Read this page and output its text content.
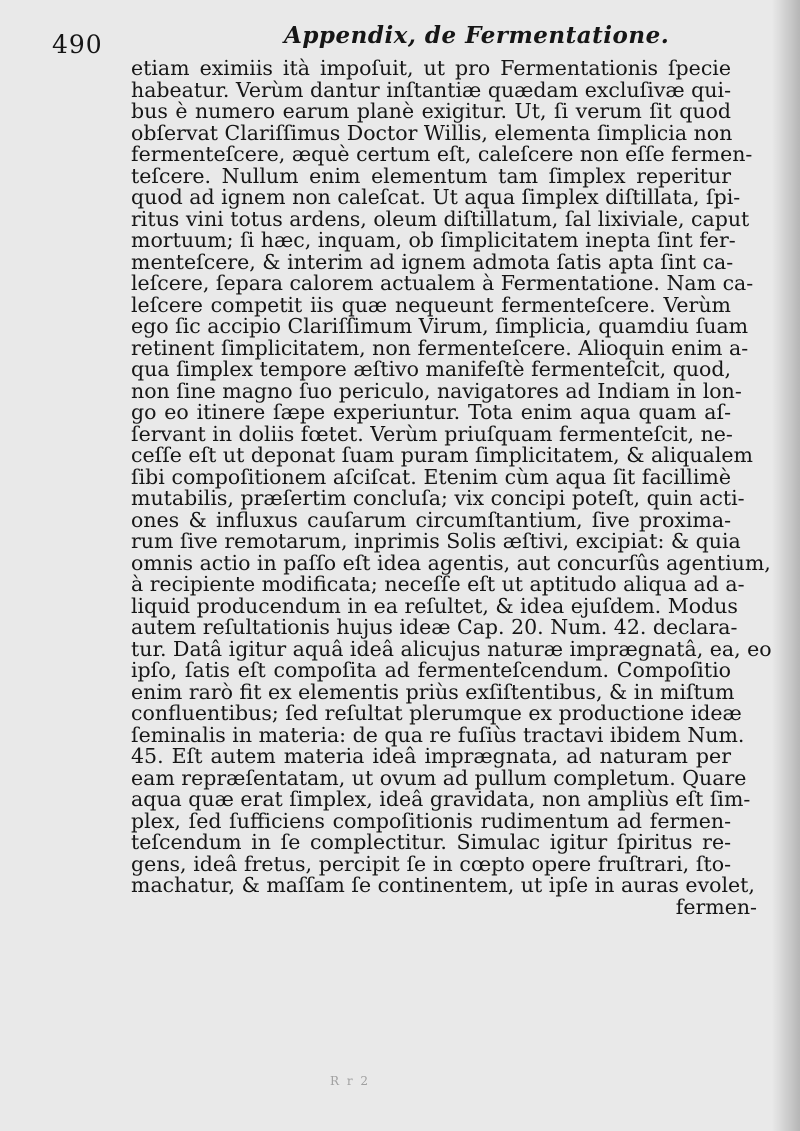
490	Appendix, de Fermentatione.
etiam eximiis ità impoſuit, ut pro Fermentationis ſpecie
habeatur. Verùm dantur inſtantiæ quædam excluſivæ qui-
bus è numero earum planè exigitur. Ut, ſi verum ſit quod
obſervat Clariſſimus Doctor Willis, elementa ſimplicia non
fermenteſcere, æquè certum eſt, caleſcere non eſſe fermen-
teſcere. Nullum enim elementum tam ſimplex reperitur
quod ad ignem non caleſcat. Ut aqua ſimplex diſtillata, ſpi-
ritus vini totus ardens, oleum diſtillatum, ſal lixiviale, caput
mortuum; ſi hæc, inquam, ob ſimplicitatem inepta ſint fer-
menteſcere, & interim ad ignem admota ſatis apta ſint ca-
leſcere, ſepara calorem actualem à Fermentatione. Nam ca-
leſcere competit iis quæ nequeunt fermenteſcere. Verùm
ego ſic accipio Clariſſimum Virum, ſimplicia, quamdiu ſuam
retinent ſimplicitatem, non fermenteſcere. Alioquin enim a-
qua ſimplex tempore æſtivo manifeſtè fermenteſcit, quod,
non ſine magno ſuo periculo, navigatores ad Indiam in lon-
go eo itinere ſæpe experiuntur. Tota enim aqua quam aſ-
ſervant in doliis fœtet. Verùm priuſquam fermenteſcit, ne-
ceſſe eſt ut deponat ſuam puram ſimplicitatem, & aliqualem
ſibi compoſitionem aſciſcat. Etenim cùm aqua ſit facillimè
mutabilis, præſertim concluſa; vix concipi poteſt, quin acti-
ones & influxus cauſarum circumſtantium, ſive proxima-
rum ſive remotarum, inprimis Solis æſtivi, excipiat: & quia
omnis actio in paſſo eſt idea agentis, aut concurſûs agentium,
à recipiente modificata; neceſſe eſt ut aptitudo aliqua ad a-
liquid producendum in ea reſultet, & idea ejuſdem. Modus
autem reſultationis hujus ideæ Cap. 20. Num. 42. declara-
tur. Datâ igitur aquâ ideâ alicujus naturæ imprægnatâ, ea, eo
ipſo, ſatis eſt compoſita ad fermenteſcendum. Compoſitio
enim rarò fit ex elementis priùs exſiſtentibus, & in miſtum
confluentibus; ſed reſultat plerumque ex productione ideæ
ſeminalis in materia: de qua re fuſiùs tractavi ibidem Num.
45. Eſt autem materia ideâ imprægnata, ad naturam per
eam repræſentatam, ut ovum ad pullum completum. Quare
aqua quæ erat ſimplex, ideâ gravidata, non ampliùs eſt ſim-
plex, ſed ſufficiens compoſitionis rudimentum ad fermen-
teſcendum in ſe complectitur. Simulac igitur ſpiritus re-
gens, ideâ fretus, percipit ſe in cœpto opere fruſtrari, ſto-
machatur, & maſſam ſe continentem, ut ipſe in auras evolet,
fermen-
R r 2
